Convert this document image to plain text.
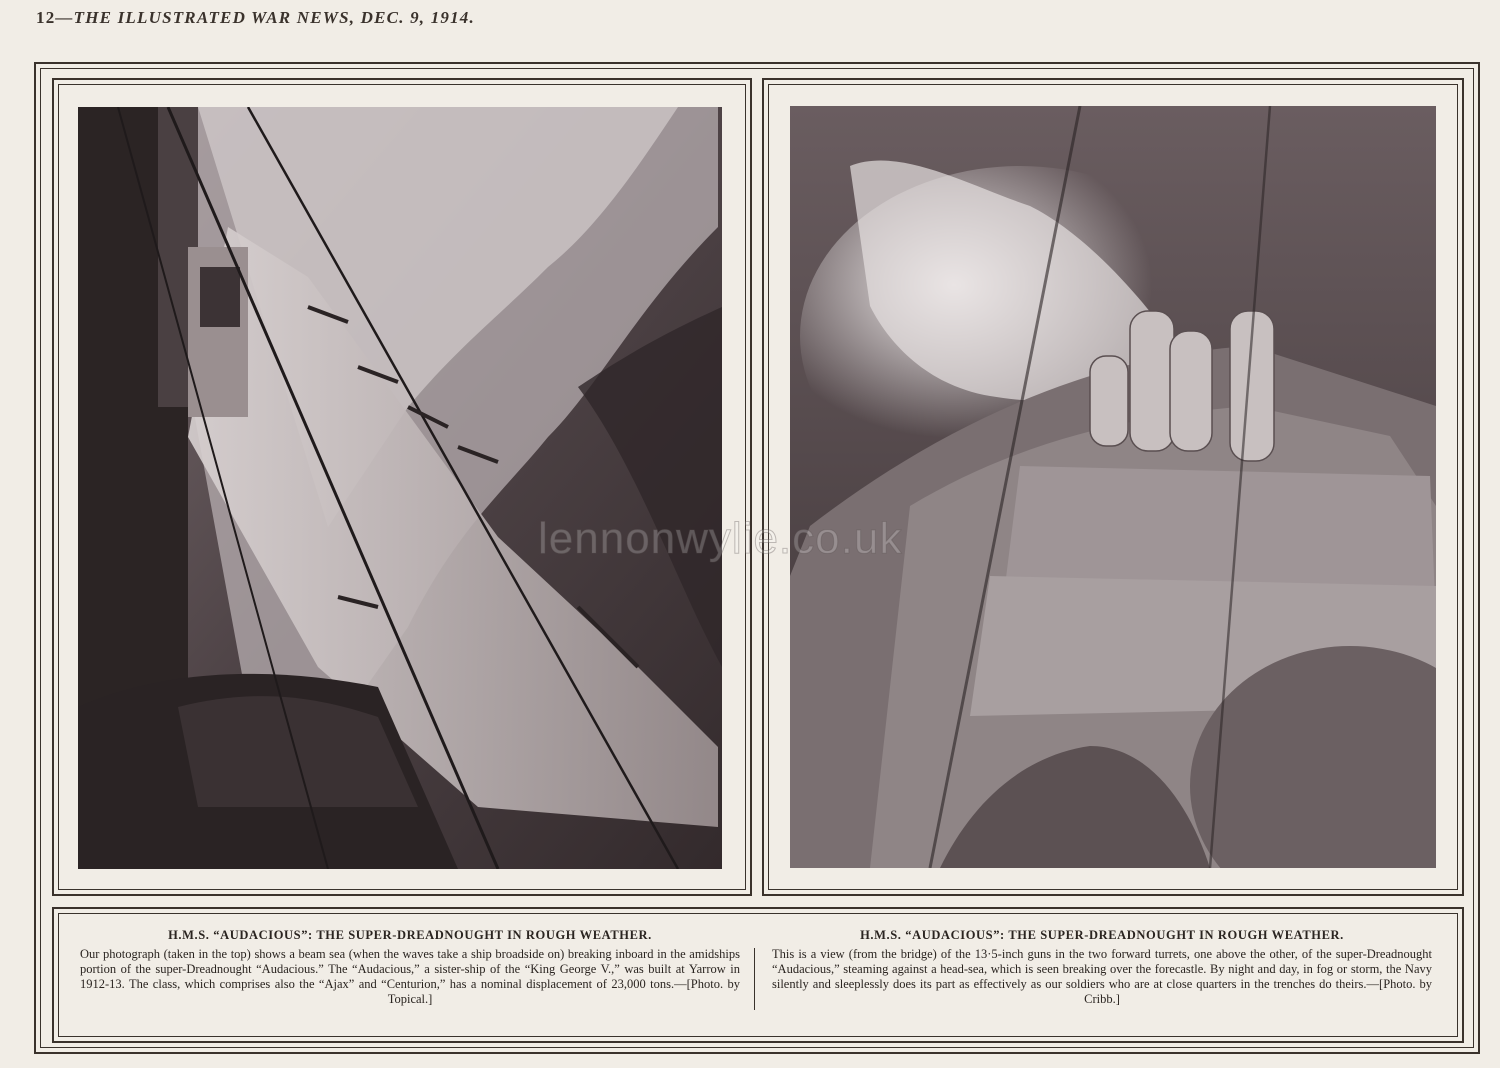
12—THE ILLUSTRATED WAR NEWS, DEC. 9, 1914.
lennonwylie.co.uk
H.M.S. “AUDACIOUS”: THE SUPER-DREADNOUGHT IN ROUGH WEATHER.
Our photograph (taken in the top) shows a beam sea (when the waves take a ship broadside on) breaking inboard in the amidships portion of the super-Dreadnought “Audacious.” The “Audacious,” a sister-ship of the “King George V.,” was built at Yarrow in 1912-13. The class, which comprises also the “Ajax” and “Centurion,” has a nominal displacement of 23,000 tons.—[Photo. by Topical.]
H.M.S. “AUDACIOUS”: THE SUPER-DREADNOUGHT IN ROUGH WEATHER.
This is a view (from the bridge) of the 13·5-inch guns in the two forward turrets, one above the other, of the super-Dreadnought “Audacious,” steaming against a head-sea, which is seen breaking over the forecastle. By night and day, in fog or storm, the Navy silently and sleeplessly does its part as effectively as our soldiers who are at close quarters in the trenches do theirs.—[Photo. by Cribb.]
